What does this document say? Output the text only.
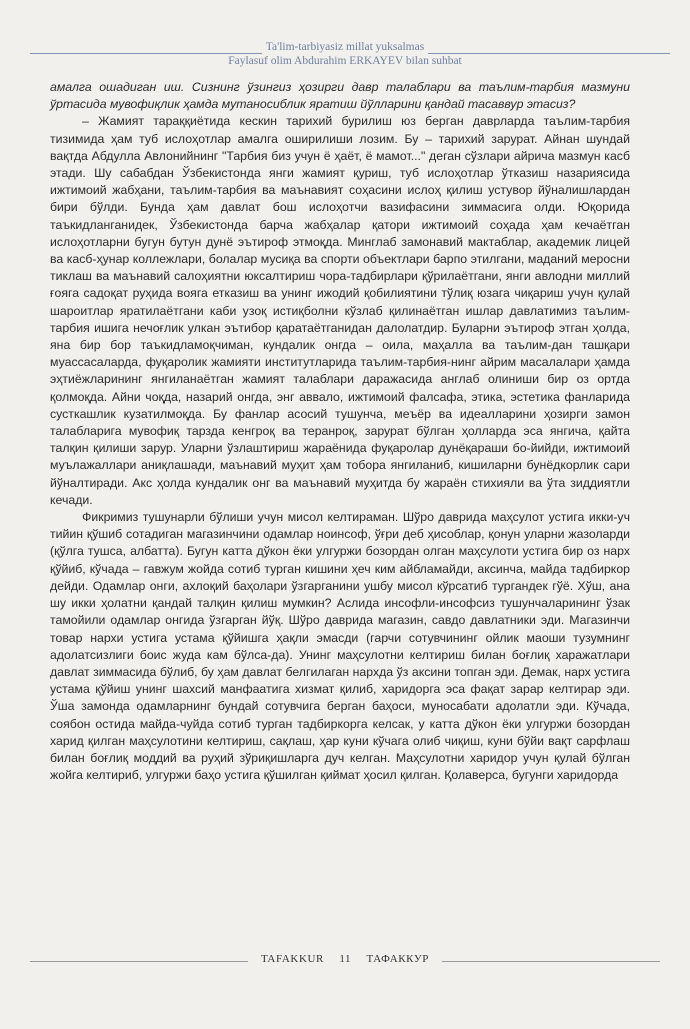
Ta'lim-tarbiyasiz millat yuksalmas
Faylasuf olim Abdurahim ERKAYEV bilan suhbat

амалга ошадиган иш. Сизнинг ўзингиз ҳозирги давр талаблари ва таълим-тарбия мазмуни ўртасида мувофиқлик ҳамда мутаносиблик яратиш йўлларини қандай тасаввур этасиз?

– Жамият тараққиётида кескин тарихий бурилиш юз берган даврларда таълим-тарбия тизимида ҳам туб ислоҳотлар амалга оширилиши лозим. Бу – тарихий зарурат. Айнан шундай вақтда Абдулла Авлонийнинг "Тарбия биз учун ё ҳаёт, ё мамот..." деган сўзлари айрича мазмун касб этади. Шу сабабдан Ўзбекистонда янги жамият қуриш, туб ислоҳотлар ўтказиш назариясида ижтимоий жабҳани, таълим-тарбия ва маънавият соҳасини ислоҳ қилиш устувор йўналишлардан бири бўлди. Бунда ҳам давлат бош ислоҳотчи вазифасини зиммасига олди. Юқорида таъкидланганидек, Ўзбекистонда барча жабҳалар қатори ижтимоий соҳада ҳам кечаётган ислоҳотларни бугун бутун дунё эътироф этмоқда. Минглаб замонавий мактаблар, академик лицей ва касб-ҳунар коллежлари, болалар мусиқа ва спорти объектлари барпо этилгани, маданий меросни тиклаш ва маънавий салоҳиятни юксалтириш чора-тадбирлари қўрилаётгани, янги авлодни миллий ғояга садоқат руҳида вояга етказиш ва унинг ижодий қобилиятини тўлиқ юзага чиқариш учун қулай шароитлар яратилаётгани каби узоқ истиқболни кўзлаб қилинаётган ишлар давлатимиз таълим-тарбия ишига нечоғлик улкан эътибор қаратаётганидан далолатдир. Буларни эътироф этган ҳолда, яна бир бор таъкидламоқчиман, кундалик онгда – оила, маҳалла ва таълим-дан ташқари муассасаларда, фуқаролик жамияти институтларида таълим-тарбия-нинг айрим масалалари ҳамда эҳтиёжларининг янгиланаётган жамият талаблари даражасида англаб олиниши бир оз ортда қолмоқда. Айни чоқда, назарий онгда, энг аввало, ижтимоий фалсафа, этика, эстетика фанларида сусткашлик кузатилмоқда. Бу фанлар асосий тушунча, меъёр ва идеалларини ҳозирги замон талабларига мувофиқ тарзда кенгроқ ва теранроқ, зарурат бўлган ҳолларда эса янгича, қайта талқин қилиши зарур. Уларни ўзлаштириш жараёнида фуқаролар дунёқараши бо-йийди, ижтимоий муълажаллари аниқлашади, маънавий муҳит ҳам тобора янгиланиб, кишиларни бунёдкорлик сари йўналтиради. Акс ҳолда кундалик онг ва маънавий муҳитда бу жараён стихияли ва ўта зиддиятли кечади.

Фикримиз тушунарли бўлиши учун мисол келтираман. Шўро даврида маҳсулот устига икки-уч тийин қўшиб сотадиган магазинчини одамлар ноинсоф, ўғри деб ҳисоблар, қонун уларни жазоларди (қўлга тушса, албатта). Бугун катта дўкон ёки улгуржи бозордан олган маҳсулоти устига бир оз нарх қўйиб, кўчада – гавжум жойда сотиб турган кишини ҳеч ким айбламайди, аксинча, майда тадбиркор дейди. Одамлар онги, ахлоқий баҳолари ўзгарганини ушбу мисол кўрсатиб тургандек гўё. Хўш, ана шу икки ҳолатни қандай талқин қилиш мумкин? Аслида инсофли-инсофсиз тушунчаларининг ўзак тамойили одамлар онгида ўзгарган йўқ. Шўро даврида магазин, савдо давлатники эди. Магазинчи товар нархи устига устама қўйишга ҳақли эмасди (гарчи сотувчининг ойлик маоши тузумнинг адолатсизлиги боис жуда кам бўлса-да). Унинг маҳсулотни келтириш билан боғлиқ харажатлари давлат зиммасида бўлиб, бу ҳам давлат белгилаган нархда ўз аксини топган эди. Демак, нарх устига устама қўйиш унинг шахсий манфаатига хизмат қилиб, харидорга эса фақат зарар келтирар эди. Ўша замонда одамларнинг бундай сотувчига берган баҳоси, муносабати адолатли эди. Кўчада, соябон остида майда-чуйда сотиб турган тадбиркорга келсак, у катта дўкон ёки улгуржи бозордан харид қилган маҳсулотини келтириш, сақлаш, ҳар куни кўчага олиб чиқиш, куни бўйи вақт сарфлаш билан боғлиқ моддий ва руҳий зўриқишларга дуч келган. Маҳсулотни харидор учун қулай бўлган жойга келтириб, улгуржи баҳо устига қўшилган қиймат ҳосил қилган. Қолаверса, бугунги харидорда

TAFAKKUR 11 ТАФАККУР
